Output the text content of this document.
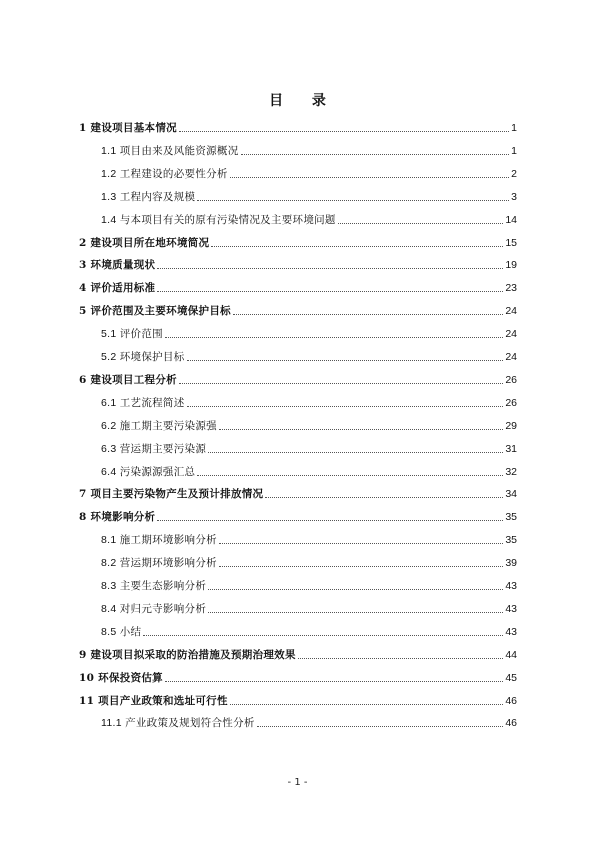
目 录
1 建设项目基本情况	1
1.1 项目由来及风能资源概况	1
1.2 工程建设的必要性分析	2
1.3 工程内容及规模	3
1.4 与本项目有关的原有污染情况及主要环境问题	14
2 建设项目所在地环境简况	15
3 环境质量现状	19
4 评价适用标准	23
5 评价范围及主要环境保护目标	24
5.1 评价范围	24
5.2 环境保护目标	24
6 建设项目工程分析	26
6.1 工艺流程简述	26
6.2 施工期主要污染源强	29
6.3 营运期主要污染源	31
6.4 污染源源强汇总	32
7 项目主要污染物产生及预计排放情况	34
8 环境影响分析	35
8.1 施工期环境影响分析	35
8.2 营运期环境影响分析	39
8.3 主要生态影响分析	43
8.4 对归元寺影响分析	43
8.5 小结	43
9 建设项目拟采取的防治措施及预期治理效果	44
10 环保投资估算	45
11 项目产业政策和选址可行性	46
11.1 产业政策及规划符合性分析	46
- 1 -
